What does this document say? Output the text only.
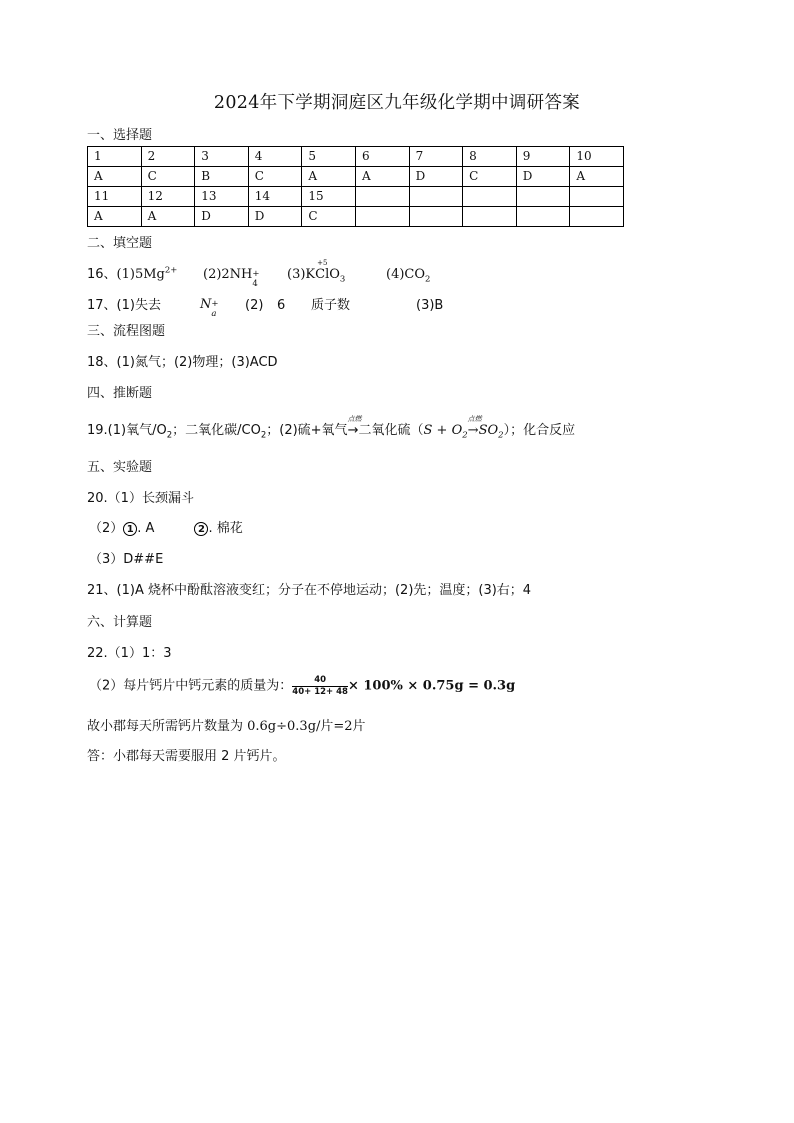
2024年下学期洞庭区九年级化学期中调研答案
一、选择题
1	2	3	4	5	6	7	8	9	10
A	C	B	C	A	A	D	C	D	A
11	12	13	14	15					
A	A	D	D	C					
二、填空题
16、$(1)5Mg^{2+}$ (2)2NH +
4
(3)K
+5
ClO$_3$	$(4)CO_2$
17、(1)失去	N +
a
(2) 6 质子数	(3)B
三、流程图题
18、(1)氮气；(2)物理；(3)ACD
四、推断题
19.(1)氧气$/O_2$；二氧化碳$/CO_2$；(2)硫+氧气
点燃
→二氧化硫（$S + O_2$
点燃
$\to SO_2$）；化合反应
五、实验题
20.（1）长颈漏斗
（2） 1 . A	2 . 棉花
（3）D##E
21、(1)A 烧杯中酚酞溶液变红；分子在不停地运动；(2)先；温度；(3)右；4
六、计算题
22.（1）1：3
（2）每片钙片中钙元素的质量为： $\frac{40}{40+ 12+ 48} \times 100\% \times 0.75g = 0.3g$
故小郡每天所需钙片数量为 0.6g÷0.3g/片=2片
答：小郡每天需要服用 2 片钙片。
